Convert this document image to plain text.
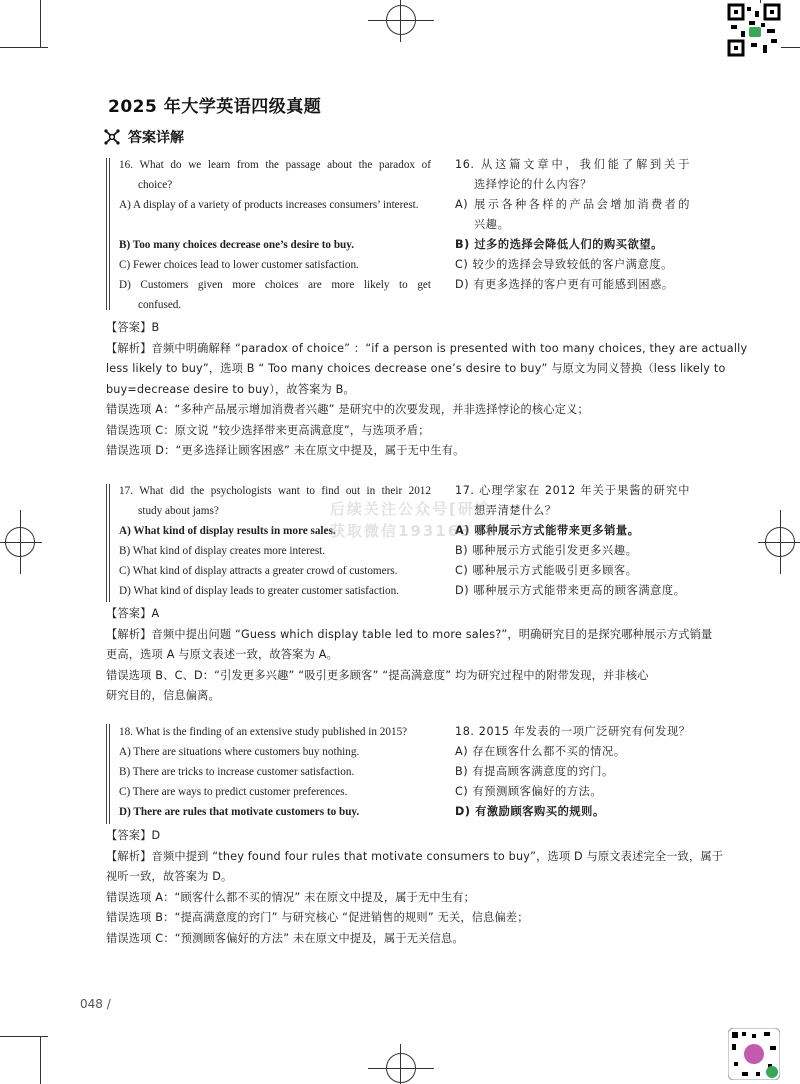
2025 年大学英语四级真题
答案详解
16. What do we learn from the passage about the paradox of
choice?
A) A display of a variety of products increases consumers’ interest.

B) Too many choices decrease one’s desire to buy.
C) Fewer choices lead to lower customer satisfaction.
D) Customers given more choices are more likely to get
confused.
16. 从这篇文章中，我们能了解到关于
选择悖论的什么内容？
A) 展示各种各样的产品会增加消费者的
兴趣。
B) 过多的选择会降低人们的购买欲望。
C) 较少的选择会导致较低的客户满意度。
D) 有更多选择的客户更有可能感到困惑。
【答案】B
【解析】音频中明确解释 “paradox of choice” ：“if a person is presented with too many choices, they are actually
less likely to buy”，选项 B “ Too many choices decrease one’s desire to buy” 与原文为同义替换（less likely to
buy=decrease desire to buy），故答案为 B。
错误选项 A：“多种产品展示增加消费者兴趣” 是研究中的次要发现，并非选择悖论的核心定义；
错误选项 C：原文说 “较少选择带来更高满意度”，与选项矛盾；
错误选项 D：“更多选择让顾客困惑” 未在原文中提及，属于无中生有。
17. What did the psychologists want to find out in their 2012
study about jams?
A) What kind of display results in more sales.
B) What kind of display creates more interest.
C) What kind of display attracts a greater crowd of customers.
D) What kind of display leads to greater customer satisfaction.
17. 心理学家在 2012 年关于果酱的研究中
想弄清楚什么？
A) 哪种展示方式能带来更多销量。
B) 哪种展示方式能引发更多兴趣。
C) 哪种展示方式能吸引更多顾客。
D) 哪种展示方式能带来更高的顾客满意度。
【答案】A
【解析】音频中提出问题 “Guess which display table led to more sales?”，明确研究目的是探究哪种展示方式销量
更高，选项 A 与原文表述一致，故答案为 A。
错误选项 B、C、D：“引发更多兴趣” “吸引更多顾客” “提高满意度” 均为研究过程中的附带发现，并非核心
研究目的，信息偏离。
18. What is the finding of an extensive study published in 2015?
A) There are situations where customers buy nothing.
B) There are tricks to increase customer satisfaction.
C) There are ways to predict customer preferences.
D) There are rules that motivate customers to buy.
18. 2015 年发表的一项广泛研究有何发现？
A) 存在顾客什么都不买的情况。
B) 有提高顾客满意度的窍门。
C) 有预测顾客偏好的方法。
D) 有激励顾客购买的规则。
【答案】D
【解析】音频中提到 “they found four rules that motivate consumers to buy”，选项 D 与原文表述完全一致，属于
视听一致，故答案为 D。
错误选项 A：“顾客什么都不买的情况” 未在原文中提及，属于无中生有；
错误选项 B：“提高满意度的窍门” 与研究核心 “促进销售的规则” 无关，信息偏差；
错误选项 C：“预测顾客偏好的方法” 未在原文中提及，属于无关信息。
后续关注公众号[研途
获取微信19316378
048 /
